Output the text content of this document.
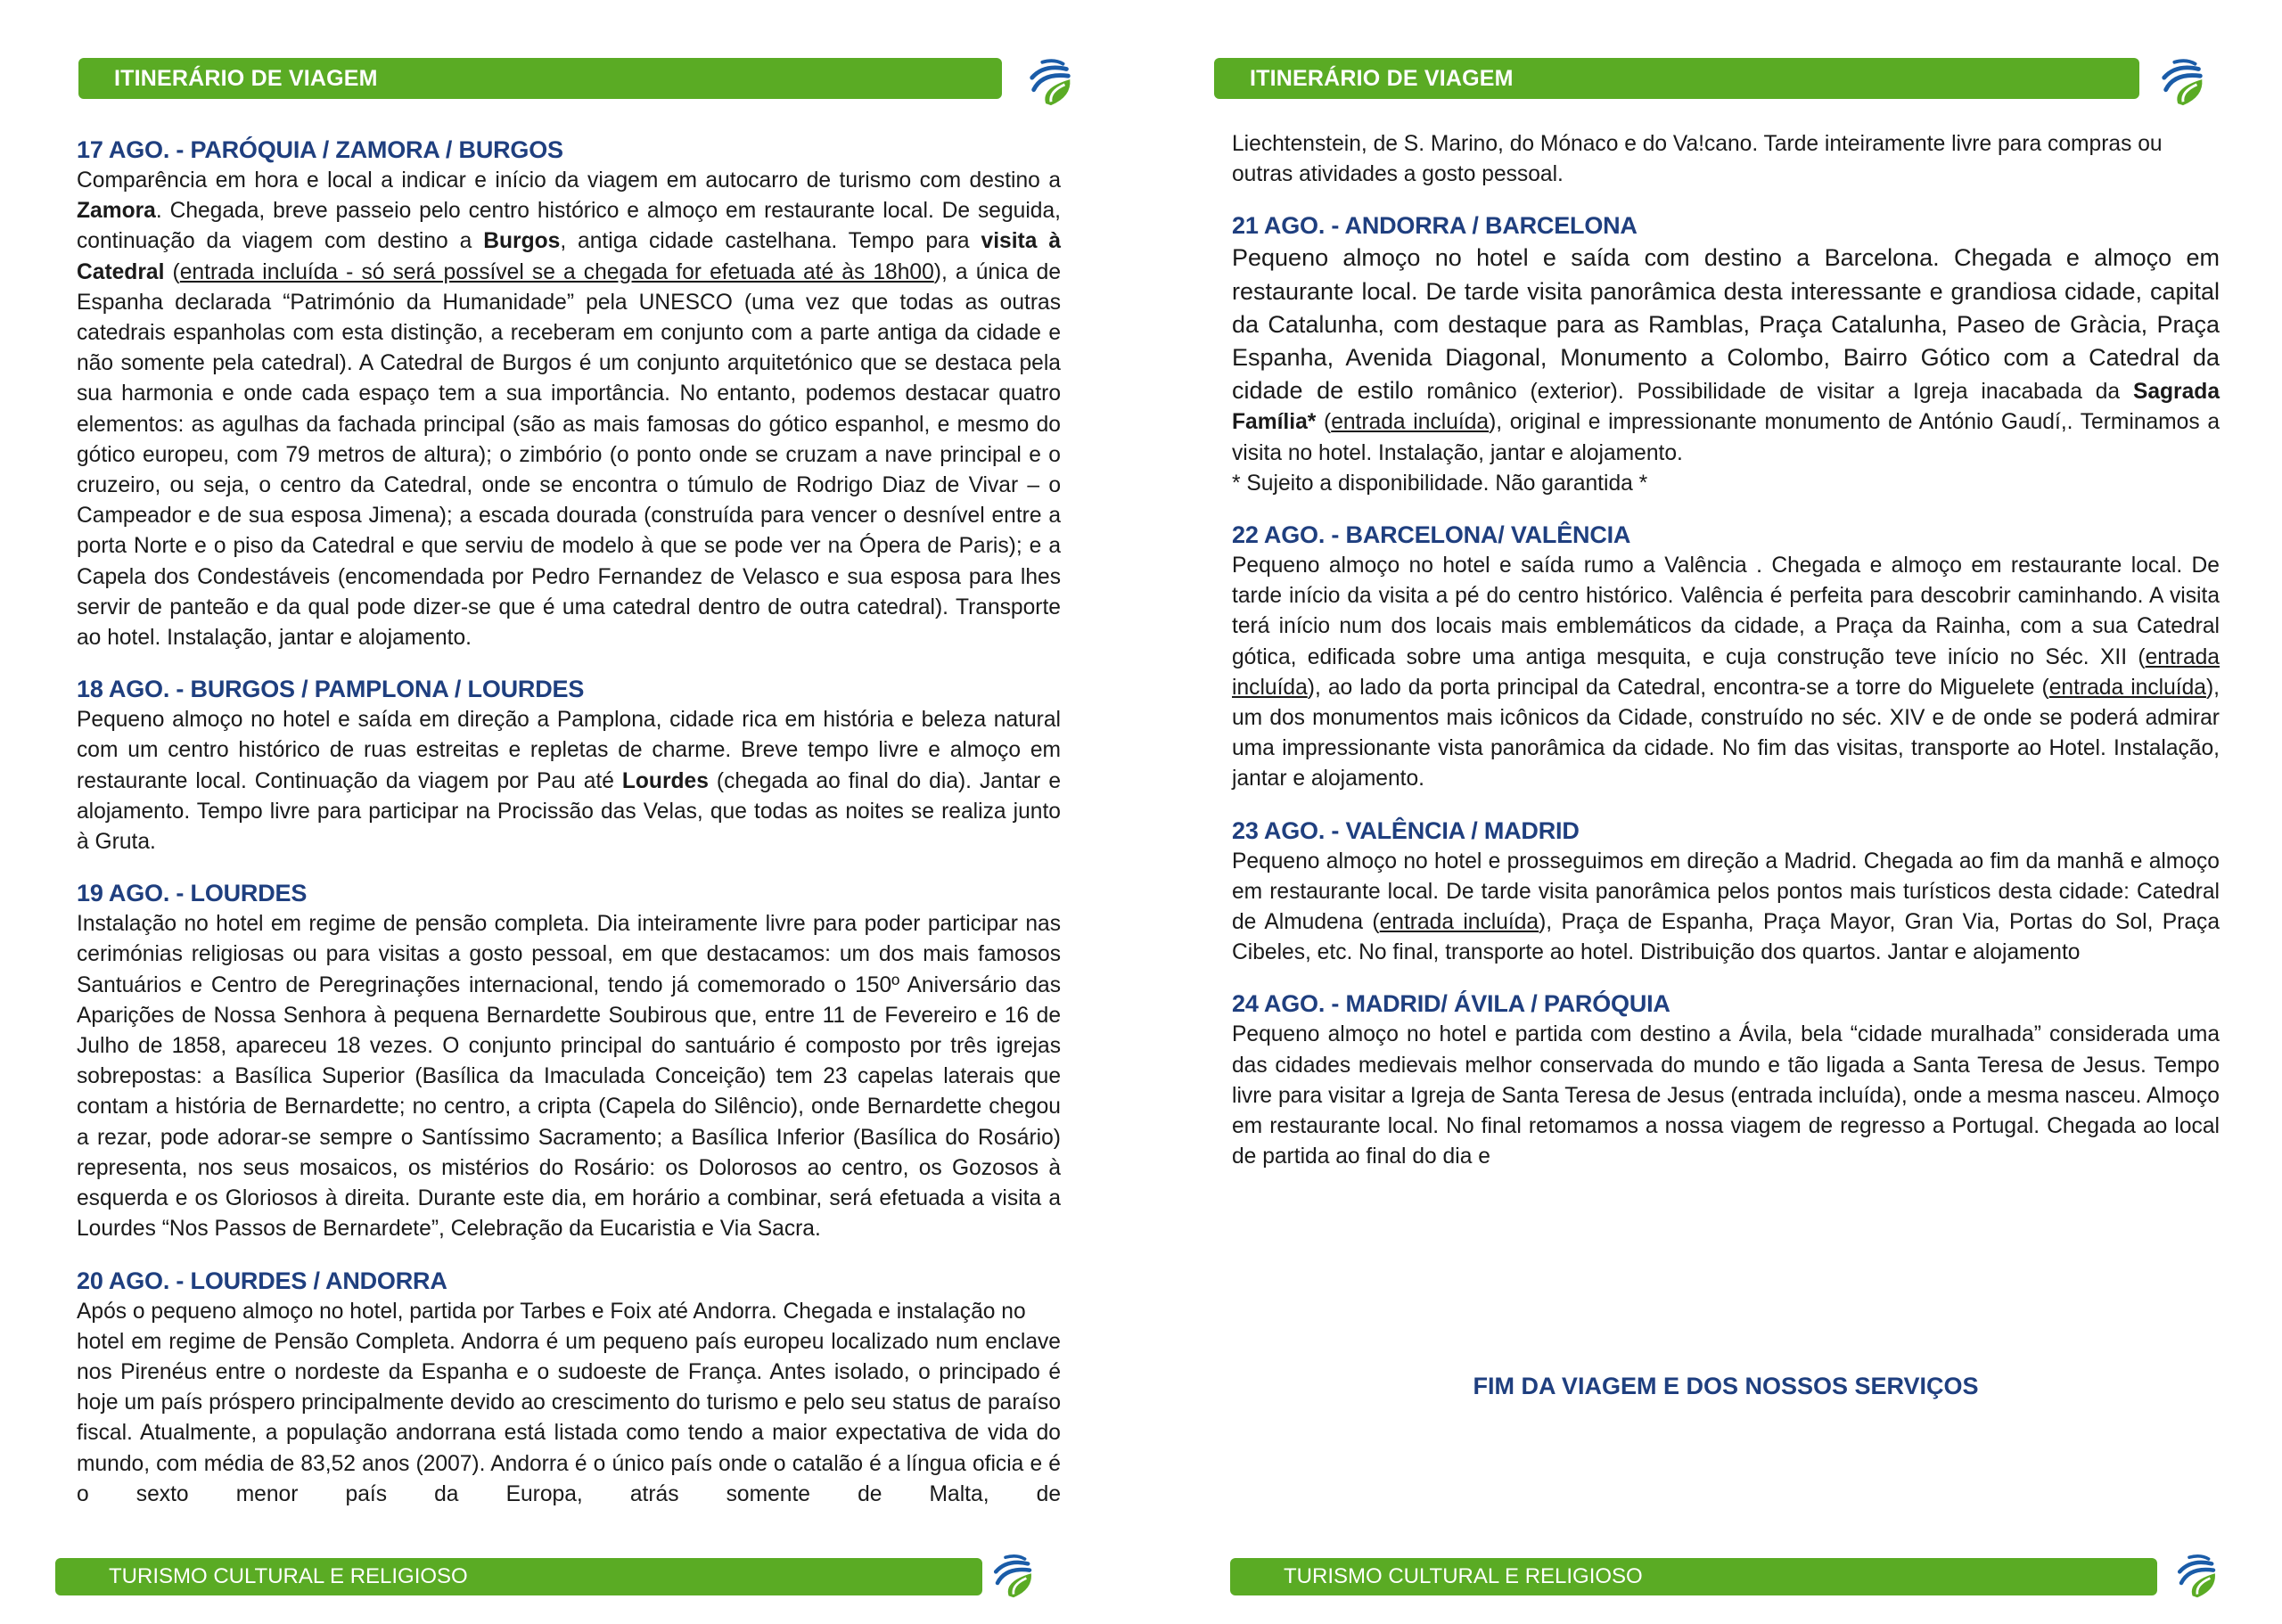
ITINERÁRIO DE VIAGEM
17 AGO. - PARÓQUIA / ZAMORA / BURGOS

Comparência em hora e local a indicar e início da viagem em autocarro de turismo com destino a Zamora. Chegada, breve passeio pelo centro histórico e almoço em restaurante local. De seguida, continuação da viagem com destino a Burgos, antiga cidade castelhana. Tempo para visita à Catedral (entrada incluída - só será possível se a chegada for efetuada até às 18h00), a única de Espanha declarada “Património da Humanidade” pela UNESCO (uma vez que todas as outras catedrais espanholas com esta distinção, a receberam em conjunto com a parte antiga da cidade e não somente pela catedral). A Catedral de Burgos é um conjunto arquitetónico que se destaca pela sua harmonia e onde cada espaço tem a sua importância. No entanto, podemos destacar quatro elementos: as agulhas da fachada principal (são as mais famosas do gótico espanhol, e mesmo do gótico europeu, com 79 metros de altura); o zimbório (o ponto onde se cruzam a nave principal e o cruzeiro, ou seja, o centro da Catedral, onde se encontra o túmulo de Rodrigo Diaz de Vivar – o Campeador e de sua esposa Jimena); a escada dourada (construída para vencer o desnível entre a porta Norte e o piso da Catedral e que serviu de modelo à que se pode ver na Ópera de Paris); e a Capela dos Condestáveis (encomendada por Pedro Fernandez de Velasco e sua esposa para lhes servir de panteão e da qual pode dizer-se que é uma catedral dentro de outra catedral). Transporte ao hotel. Instalação, jantar e alojamento.

18 AGO. - BURGOS / PAMPLONA / LOURDES

Pequeno almoço no hotel e saída em direção a Pamplona, cidade rica em história e beleza natural com um centro histórico de ruas estreitas e repletas de charme. Breve tempo livre e almoço em restaurante local. Continuação da viagem por Pau até Lourdes (chegada ao final do dia). Jantar e alojamento. Tempo livre para participar na Procissão das Velas, que todas as noites se realiza junto à Gruta.

19 AGO. - LOURDES

Instalação no hotel em regime de pensão completa. Dia inteiramente livre para poder participar nas cerimónias religiosas ou para visitas a gosto pessoal, em que destacamos: um dos mais famosos Santuários e Centro de Peregrinações internacional, tendo já comemorado o 150º Aniversário das Aparições de Nossa Senhora à pequena Bernardette Soubirous que, entre 11 de Fevereiro e 16 de Julho de 1858, apareceu 18 vezes. O conjunto principal do santuário é composto por três igrejas sobrepostas: a Basílica Superior (Basílica da Imaculada Conceição) tem 23 capelas laterais que contam a história de Bernardette; no centro, a cripta (Capela do Silêncio), onde Bernardette chegou a rezar, pode adorar-se sempre o Santíssimo Sacramento; a Basílica Inferior (Basílica do Rosário) representa, nos seus mosaicos, os mistérios do Rosário: os Dolorosos ao centro, os Gozosos à esquerda e os Gloriosos à direita. Durante este dia, em horário a combinar, será efetuada a visita a Lourdes “Nos Passos de Bernardete”, Celebração da Eucaristia e Via Sacra.

20 AGO. - LOURDES / ANDORRA

Após o pequeno almoço no hotel, partida por Tarbes e Foix até Andorra. Chegada e instalação no

hotel em regime de Pensão Completa. Andorra é um pequeno país europeu localizado num enclave nos Pirenéus entre o nordeste da Espanha e o sudoeste de França. Antes isolado, o principado é hoje um país próspero principalmente devido ao crescimento do turismo e pelo seu status de paraíso fiscal. Atualmente, a população andorrana está listada como tendo a maior expectativa de vida do mundo, com média de 83,52 anos (2007). Andorra é o único país onde o catalão é a língua oficia e é o sexto menor país da Europa, atrás somente de Malta, de

TURISMO CULTURAL E RELIGIOSO
ITINERÁRIO DE VIAGEM

Liechtenstein, de S. Marino, do Mónaco e do Va!cano. Tarde inteiramente livre para compras ou outras atividades a gosto pessoal.

21 AGO. - ANDORRA / BARCELONA

Pequeno almoço no hotel e saída com destino a Barcelona. Chegada e almoço em restaurante local. De tarde visita panorâmica desta interessante e grandiosa cidade, capital da Catalunha, com destaque para as Ramblas, Praça Catalunha, Paseo de Gràcia, Praça Espanha, Avenida Diagonal, Monumento a Colombo, Bairro Gótico com a Catedral da cidade de estilo românico (exterior). Possibilidade de visitar a Igreja inacabada da Sagrada Família* (entrada incluída), original e impressionante monumento de António Gaudí,. Terminamos a visita no hotel. Instalação, jantar e alojamento.

* Sujeito a disponibilidade. Não garantida *

22 AGO. - BARCELONA/ VALÊNCIA

Pequeno almoço no hotel e saída rumo a Valência . Chegada e almoço em restaurante local. De tarde início da visita a pé do centro histórico. Valência é perfeita para descobrir caminhando. A visita terá início num dos locais mais emblemáticos da cidade, a Praça da Rainha, com a sua Catedral gótica, edificada sobre uma antiga mesquita, e cuja construção teve início no Séc. XII (entrada incluída), ao lado da porta principal da Catedral, encontra-se a torre do Miguelete (entrada incluída), um dos monumentos mais icônicos da Cidade, construído no séc. XIV e de onde se poderá admirar uma impressionante vista panorâmica da cidade. No fim das visitas, transporte ao Hotel. Instalação, jantar e alojamento.

23 AGO. - VALÊNCIA / MADRID

Pequeno almoço no hotel e prosseguimos em direção a Madrid. Chegada ao fim da manhã e almoço em restaurante local. De tarde visita panorâmica pelos pontos mais turísticos desta cidade: Catedral de Almudena (entrada incluída), Praça de Espanha, Praça Mayor, Gran Via, Portas do Sol, Praça Cibeles, etc. No final, transporte ao hotel. Distribuição dos quartos. Jantar e alojamento

24 AGO. - MADRID/ ÁVILA / PARÓQUIA

Pequeno almoço no hotel e partida com destino a Ávila, bela “cidade muralhada” considerada uma das cidades medievais melhor conservada do mundo e tão ligada a Santa Teresa de Jesus. Tempo livre para visitar a Igreja de Santa Teresa de Jesus (entrada incluída), onde a mesma nasceu. Almoço em restaurante local. No final retomamos a nossa viagem de regresso a Portugal. Chegada ao local de partida ao final do dia e

FIM DA VIAGEM E DOS NOSSOS SERVIÇOS
TURISMO CULTURAL E RELIGIOSO
